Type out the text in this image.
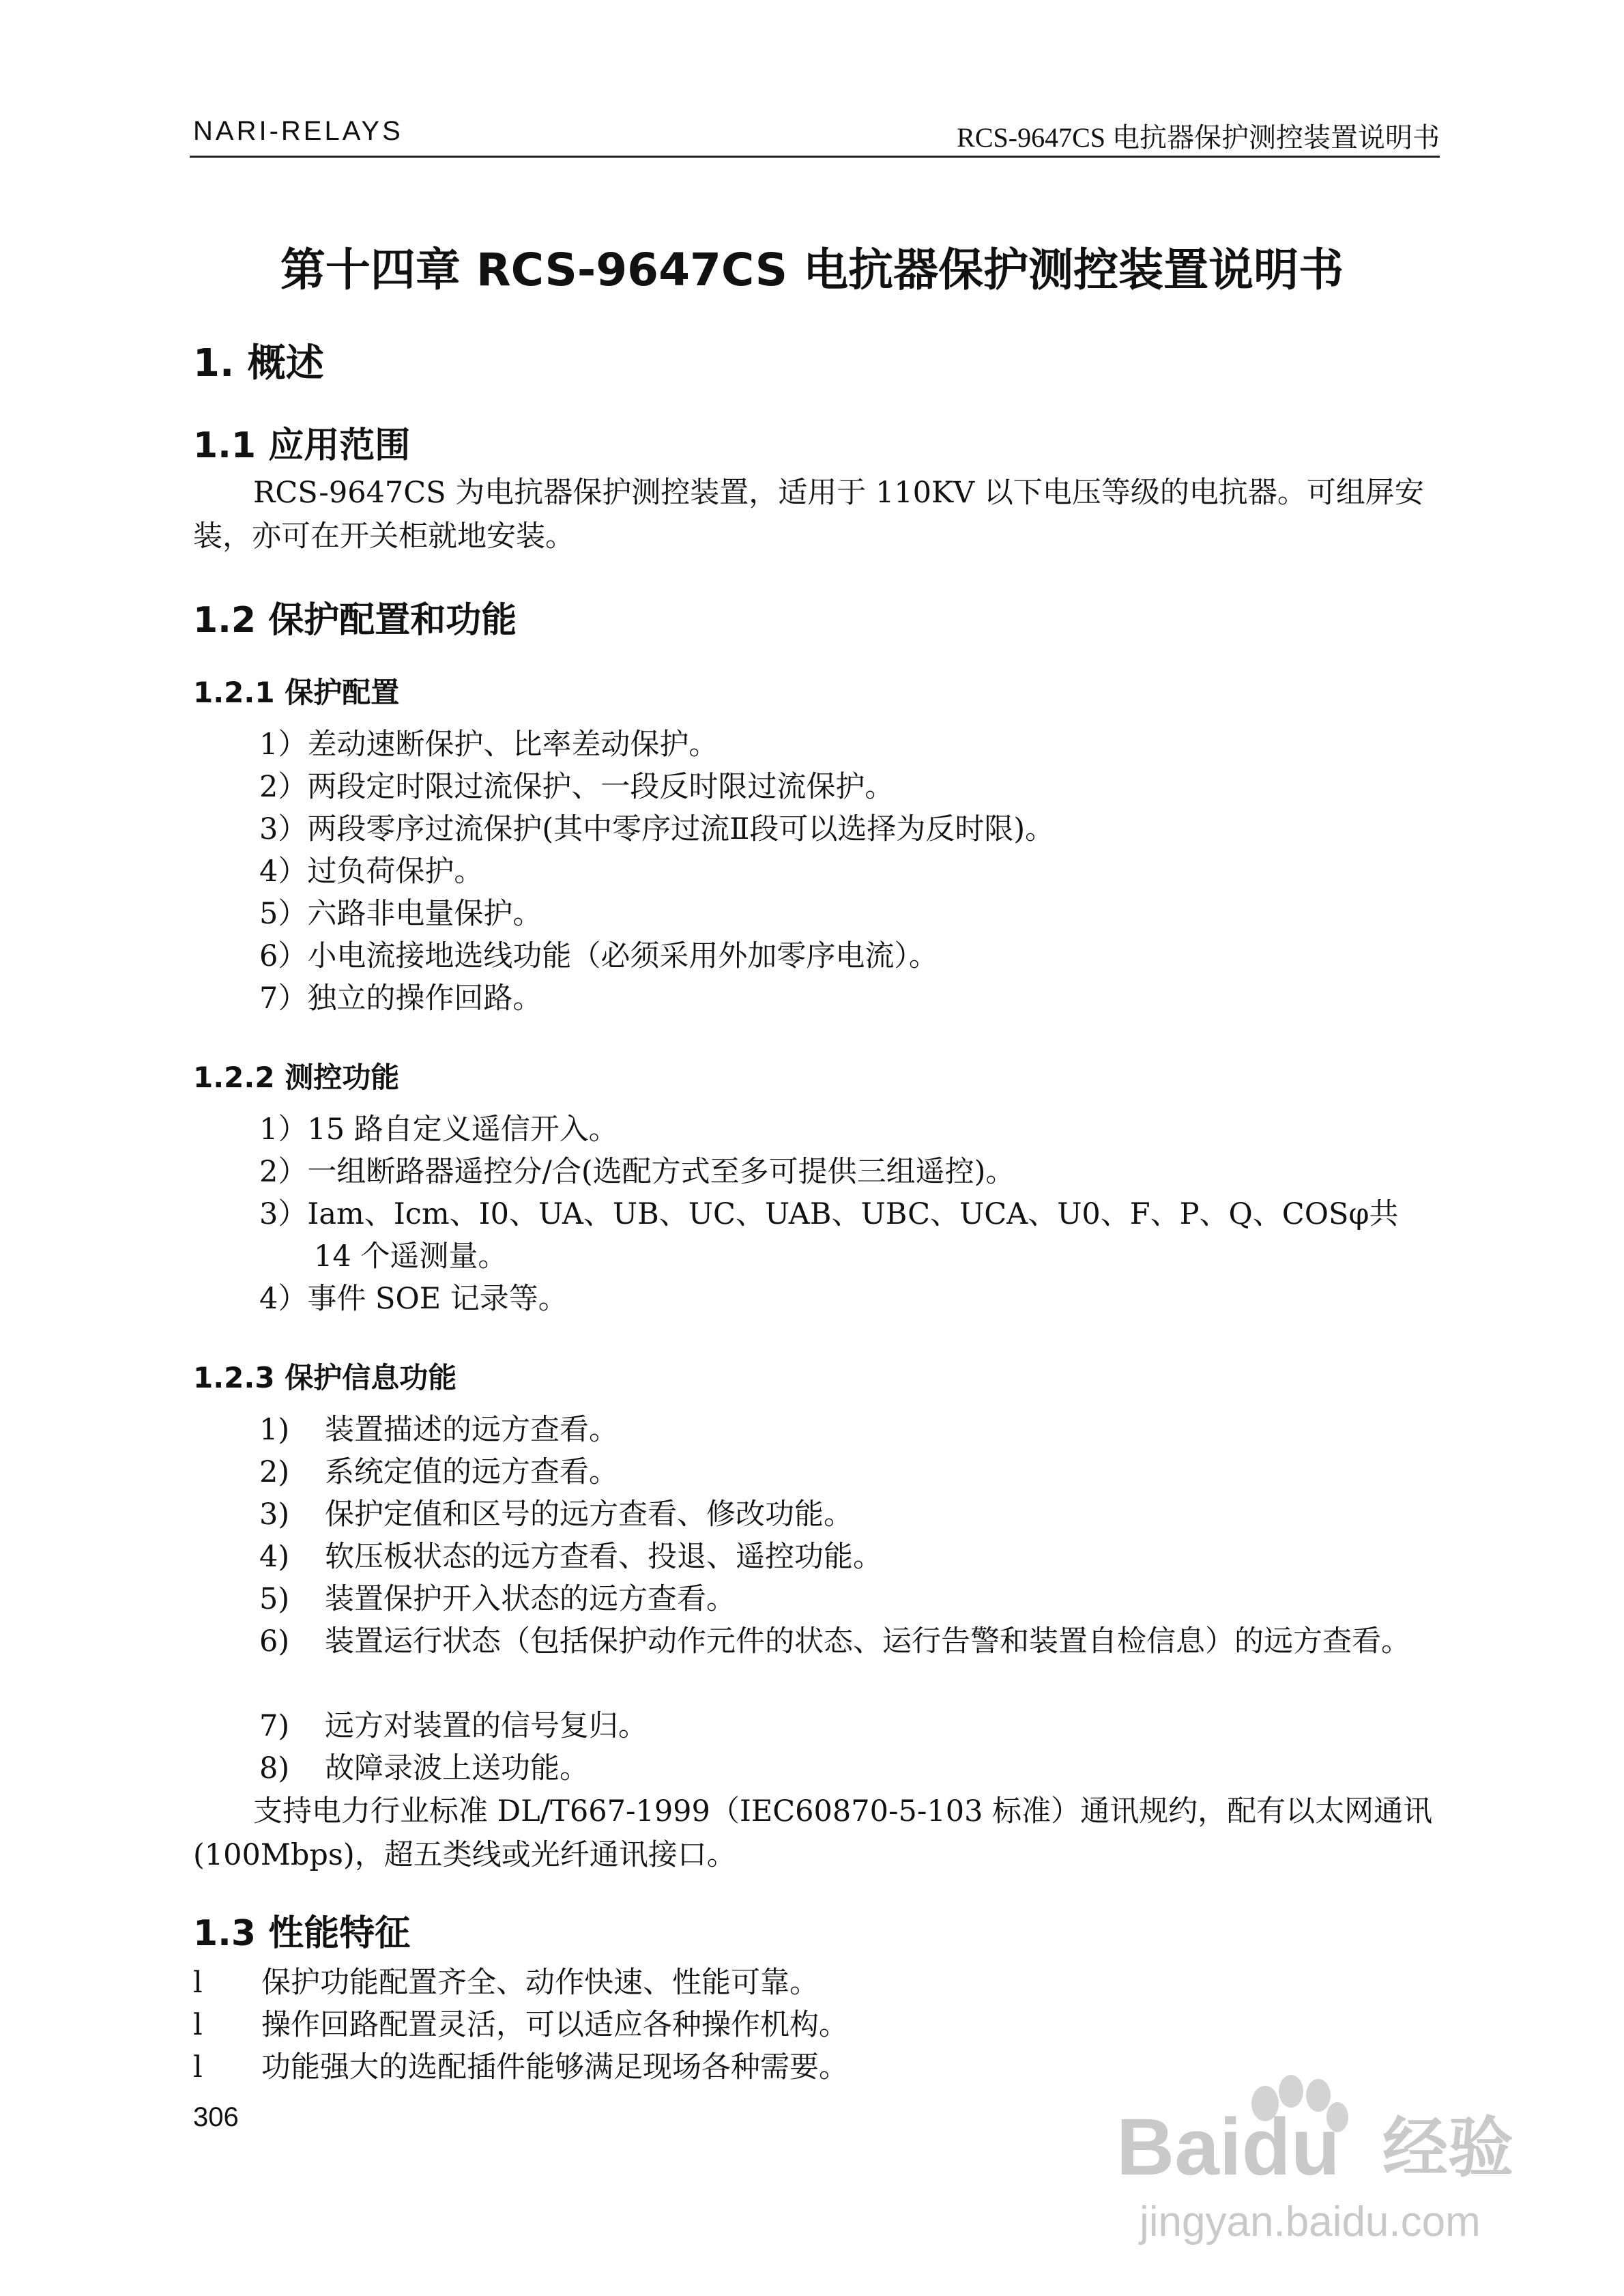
NARI-RELAYS	RCS-9647CS 电抗器保护测控装置说明书
第十四章 RCS-9647CS 电抗器保护测控装置说明书
1. 概述
1.1 应用范围
RCS-9647CS 为电抗器保护测控装置，适用于 110KV 以下电压等级的电抗器。可组屏安装，亦可在开关柜就地安装。
1.2 保护配置和功能
1.2.1 保护配置
1）差动速断保护、比率差动保护。
2）两段定时限过流保护、一段反时限过流保护。
3）两段零序过流保护(其中零序过流Ⅱ段可以选择为反时限)。
4）过负荷保护。
5）六路非电量保护。
6）小电流接地选线功能（必须采用外加零序电流）。
7）独立的操作回路。
1.2.2 测控功能
1）15 路自定义遥信开入。
2）一组断路器遥控分/合(选配方式至多可提供三组遥控)。
3）Iam、Icm、I0、UA、UB、UC、UAB、UBC、UCA、U0、F、P、Q、COSφ共
14 个遥测量。
4）事件 SOE 记录等。
1.2.3 保护信息功能
1) 装置描述的远方查看。
2) 系统定值的远方查看。
3) 保护定值和区号的远方查看、修改功能。
4) 软压板状态的远方查看、投退、遥控功能。
5) 装置保护开入状态的远方查看。
6) 装置运行状态（包括保护动作元件的状态、运行告警和装置自检信息）的远方查看。
7) 远方对装置的信号复归。
8) 故障录波上送功能。
支持电力行业标准 DL/T667-1999（IEC60870-5-103 标准）通讯规约，配有以太网通讯(100Mbps)，超五类线或光纤通讯接口。
1.3 性能特征
l 保护功能配置齐全、动作快速、性能可靠。
l 操作回路配置灵活，可以适应各种操作机构。
l 功能强大的选配插件能够满足现场各种需要。
306	Baidu 经验
jingyan.baidu.com
